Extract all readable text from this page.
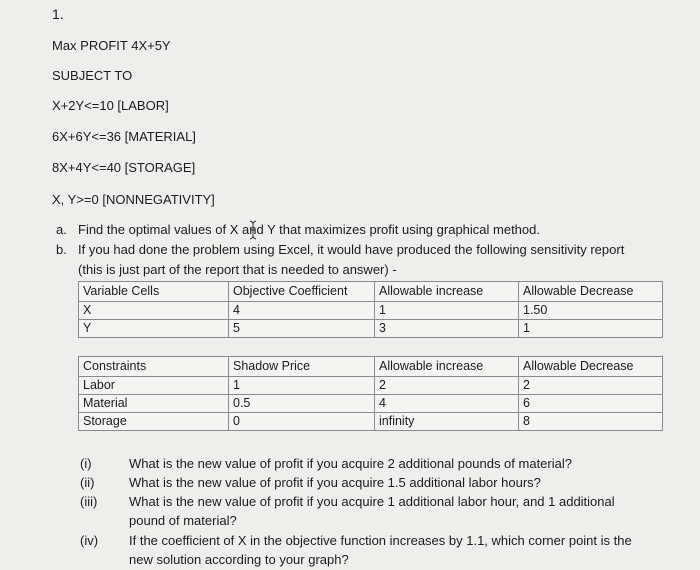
1.
Max PROFIT 4X+5Y
SUBJECT TO
X+2Y<=10 [LABOR]
6X+6Y<=36 [MATERIAL]
8X+4Y<=40 [STORAGE]
X, Y>=0 [NONNEGATIVITY]
a. Find the optimal values of X and Y that maximizes profit using graphical method.
b. If you had done the problem using Excel, it would have produced the following sensitivity report
(this is just part of the report that is needed to answer) -
Variable Cells	Objective Coefficient	Allowable increase	Allowable Decrease
X	4	1	1.50
Y	5	3	1
Constraints	Shadow Price	Allowable increase	Allowable Decrease
Labor	1	2	2
Material	0.5	4	6
Storage	0	infinity	8
(i)	What is the new value of profit if you acquire 2 additional pounds of material?
(ii)	What is the new value of profit if you acquire 1.5 additional labor hours?
(iii) What is the new value of profit if you acquire 1 additional labor hour, and 1 additional
pound of material?
(iv) If the coefficient of X in the objective function increases by 1.1, which corner point is the
new solution according to your graph?
